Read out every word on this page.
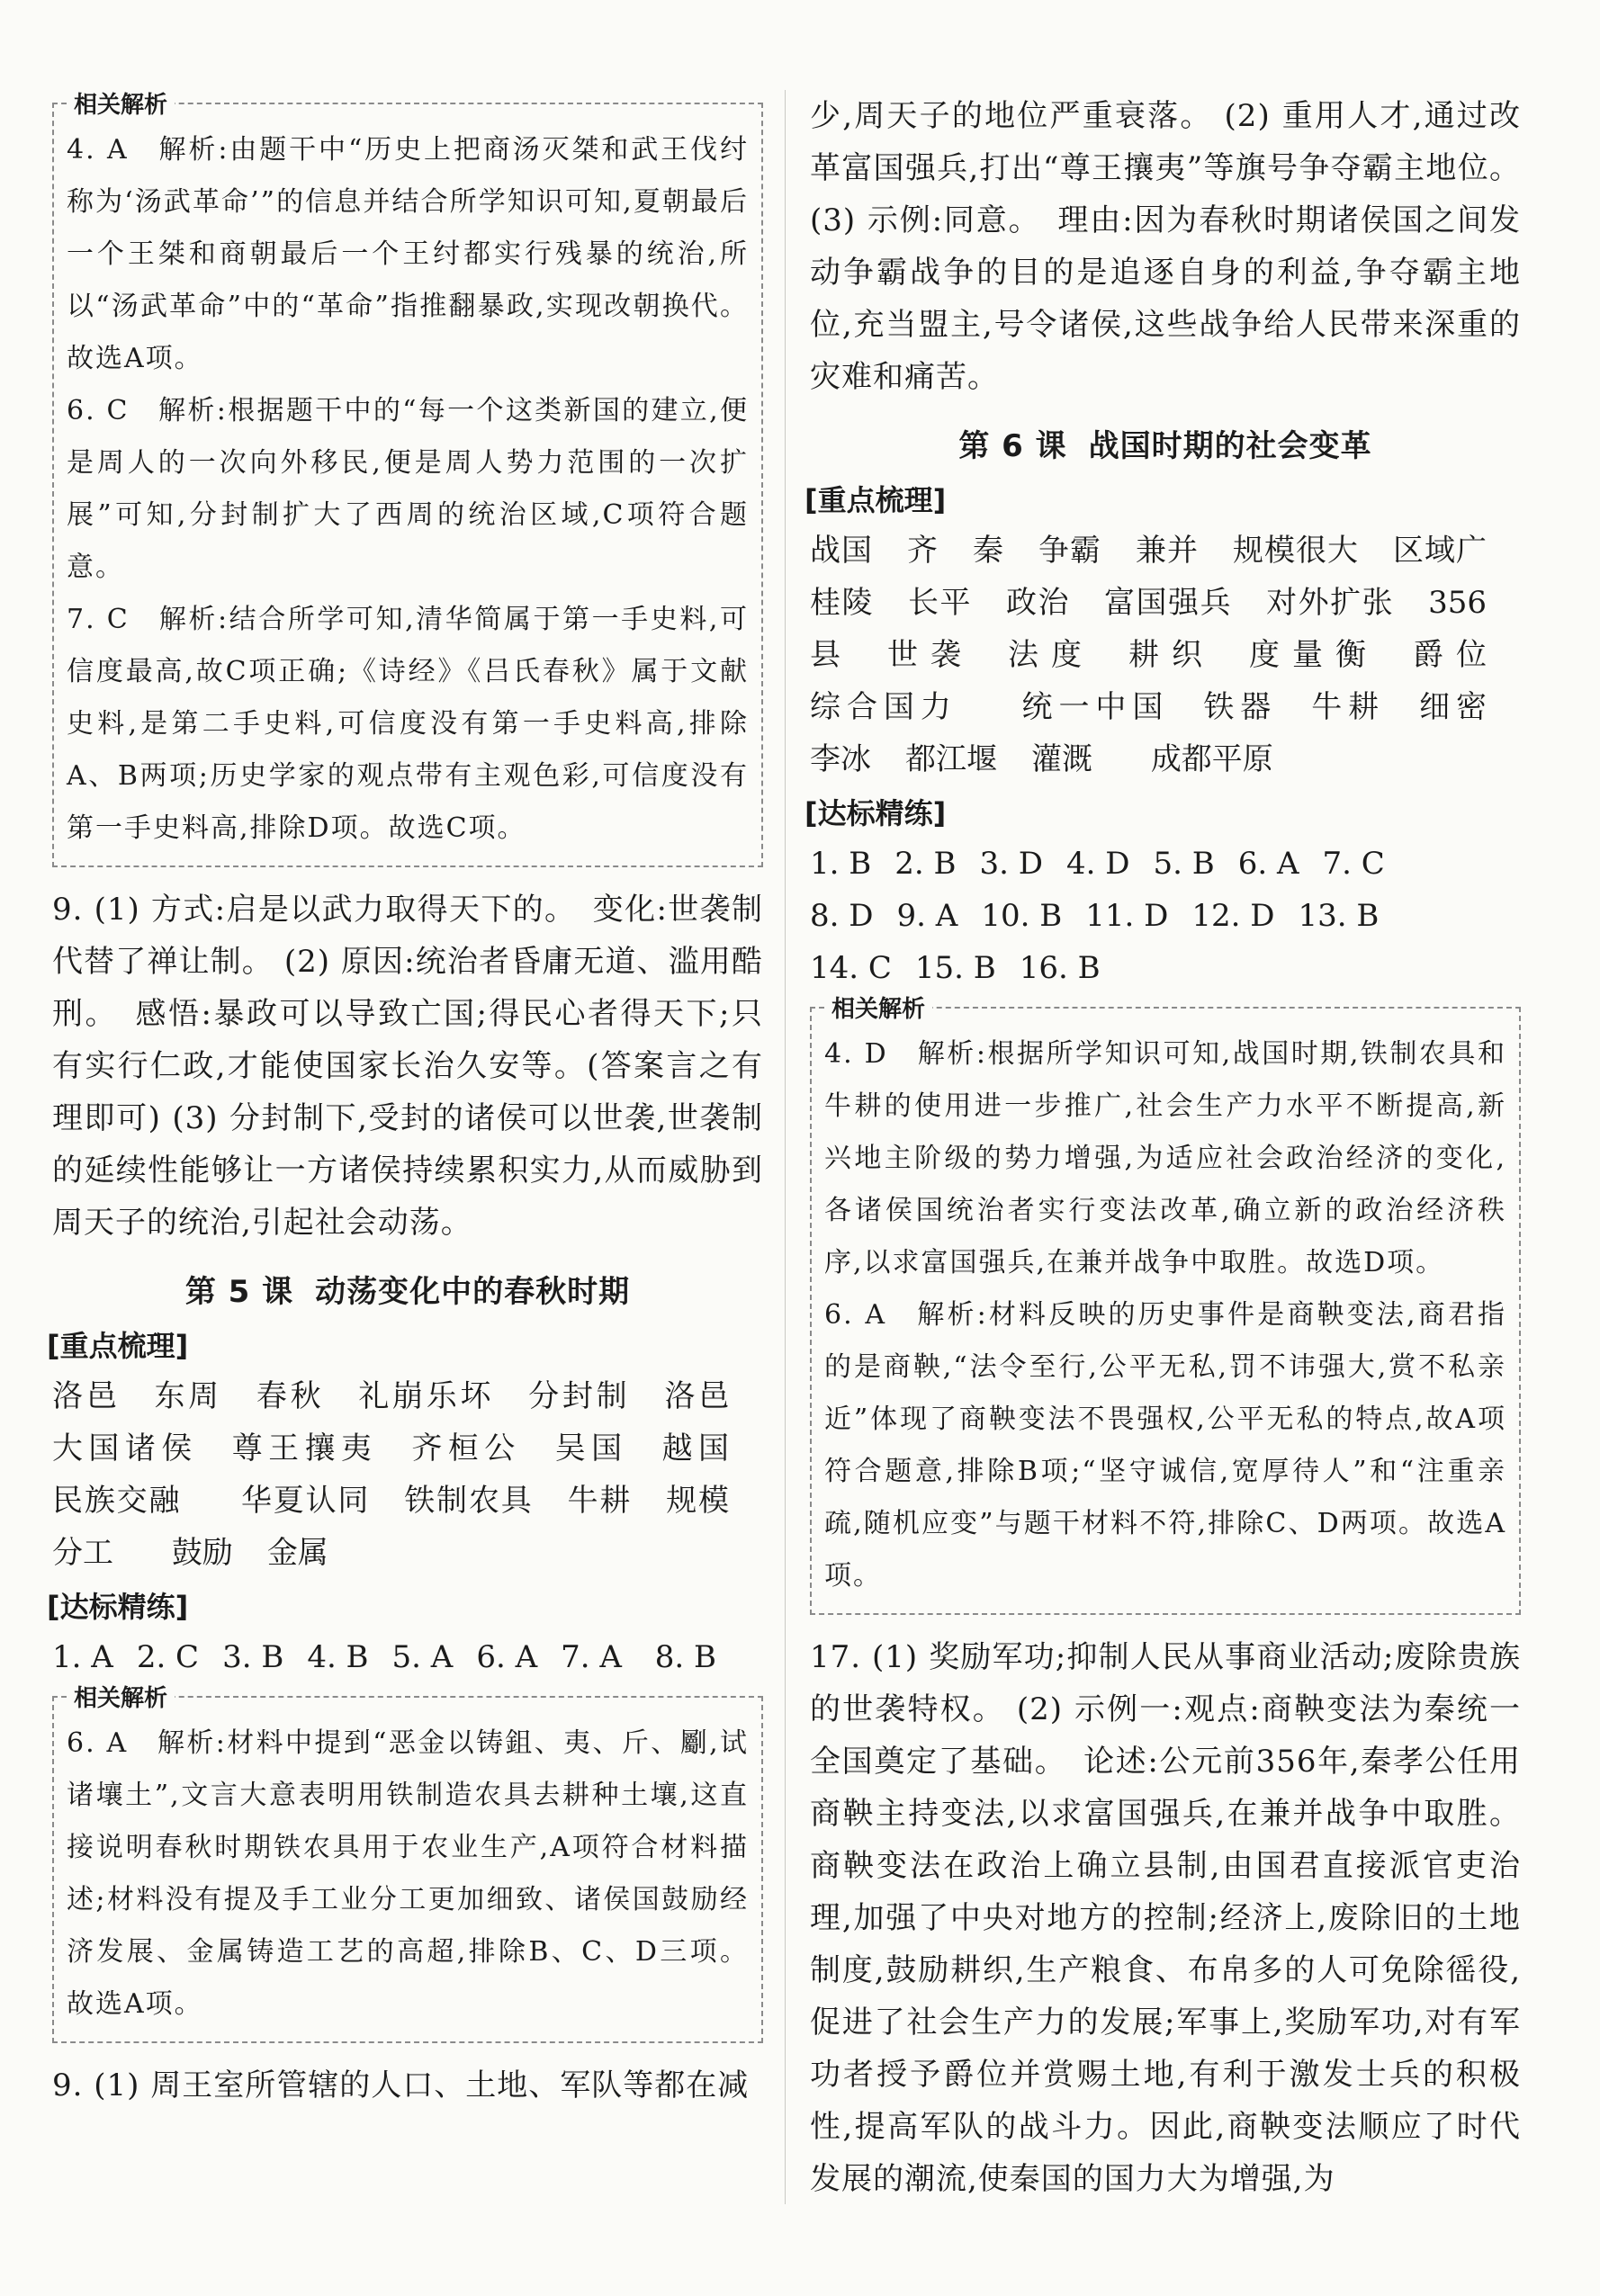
相关解析

4. A　解析:由题干中“历史上把商汤灭桀和武王伐纣称为‘汤武革命’”的信息并结合所学知识可知,夏朝最后一个王桀和商朝最后一个王纣都实行残暴的统治,所以“汤武革命”中的“革命”指推翻暴政,实现改朝换代。故选A项。

6. C　解析:根据题干中的“每一个这类新国的建立,便是周人的一次向外移民,便是周人势力范围的一次扩展”可知,分封制扩大了西周的统治区域,C项符合题意。

7. C　解析:结合所学可知,清华简属于第一手史料,可信度最高,故C项正确;《诗经》《吕氏春秋》属于文献史料,是第二手史料,可信度没有第一手史料高,排除A、B两项;历史学家的观点带有主观色彩,可信度没有第一手史料高,排除D项。故选C项。

9. (1) 方式:启是以武力取得天下的。　变化:世袭制代替了禅让制。 (2) 原因:统治者昏庸无道、滥用酷刑。　感悟:暴政可以导致亡国;得民心者得天下;只有实行仁政,才能使国家长治久安等。(答案言之有理即可) (3) 分封制下,受封的诸侯可以世袭,世袭制的延续性能够让一方诸侯持续累积实力,从而威胁到周天子的统治,引起社会动荡。

第 5 课 动荡变化中的春秋时期
[重点梳理]

洛邑 东周 春秋 礼崩乐坏 分封制 洛邑 大国诸侯 尊王攘夷 齐桓公 吴国 越国民族交融 华夏认同 铁制农具 牛耕 规模分工 鼓励 金属

[达标精练]

1. A 2. C 3. B 4. B 5. A 6. A 7. A 8. B

相关解析

6. A　解析:材料中提到“恶金以铸鉏、夷、斤、劚,试诸壤土”,文言大意表明用铁制造农具去耕种土壤,这直接说明春秋时期铁农具用于农业生产,A项符合材料描述;材料没有提及手工业分工更加细致、诸侯国鼓励经济发展、金属铸造工艺的高超,排除B、C、D三项。故选A项。

9. (1) 周王室所管辖的人口、土地、军队等都在减

少,周天子的地位严重衰落。 (2) 重用人才,通过改革富国强兵,打出“尊王攘夷”等旗号争夺霸主地位。 (3) 示例:同意。　理由:因为春秋时期诸侯国之间发动争霸战争的目的是追逐自身的利益,争夺霸主地位,充当盟主,号令诸侯,这些战争给人民带来深重的灾难和痛苦。

第 6 课 战国时期的社会变革
[重点梳理]

战国 齐 秦 争霸 兼并 规模很大 区域广 桂陵 长平 政治 富国强兵 对外扩张 356 县 世袭 法度 耕织 度量衡 爵位综合国力 统一中国 铁器 牛耕 细密李冰 都江堰 灌溉 成都平原

[达标精练]

1. B 2. B 3. D 4. D 5. B 6. A 7. C 8. D 9. A 10. B 11. D 12. D 13. B 14. C 15. B 16. B

相关解析

4. D　解析:根据所学知识可知,战国时期,铁制农具和牛耕的使用进一步推广,社会生产力水平不断提高,新兴地主阶级的势力增强,为适应社会政治经济的变化,各诸侯国统治者实行变法改革,确立新的政治经济秩序,以求富国强兵,在兼并战争中取胜。故选D项。

6. A　解析:材料反映的历史事件是商鞅变法,商君指的是商鞅,“法令至行,公平无私,罚不讳强大,赏不私亲近”体现了商鞅变法不畏强权,公平无私的特点,故A项符合题意,排除B项;“坚守诚信,宽厚待人”和“注重亲疏,随机应变”与题干材料不符,排除C、D两项。故选A项。

17. (1) 奖励军功;抑制人民从事商业活动;废除贵族的世袭特权。 (2) 示例一:观点:商鞅变法为秦统一全国奠定了基础。　论述:公元前356年,秦孝公任用商鞅主持变法,以求富国强兵,在兼并战争中取胜。商鞅变法在政治上确立县制,由国君直接派官吏治理,加强了中央对地方的控制;经济上,废除旧的土地制度,鼓励耕织,生产粮食、布帛多的人可免除徭役,促进了社会生产力的发展;军事上,奖励军功,对有军功者授予爵位并赏赐土地,有利于激发士兵的积极性,提高军队的战斗力。因此,商鞅变法顺应了时代发展的潮流,使秦国的国力大为增强,为
